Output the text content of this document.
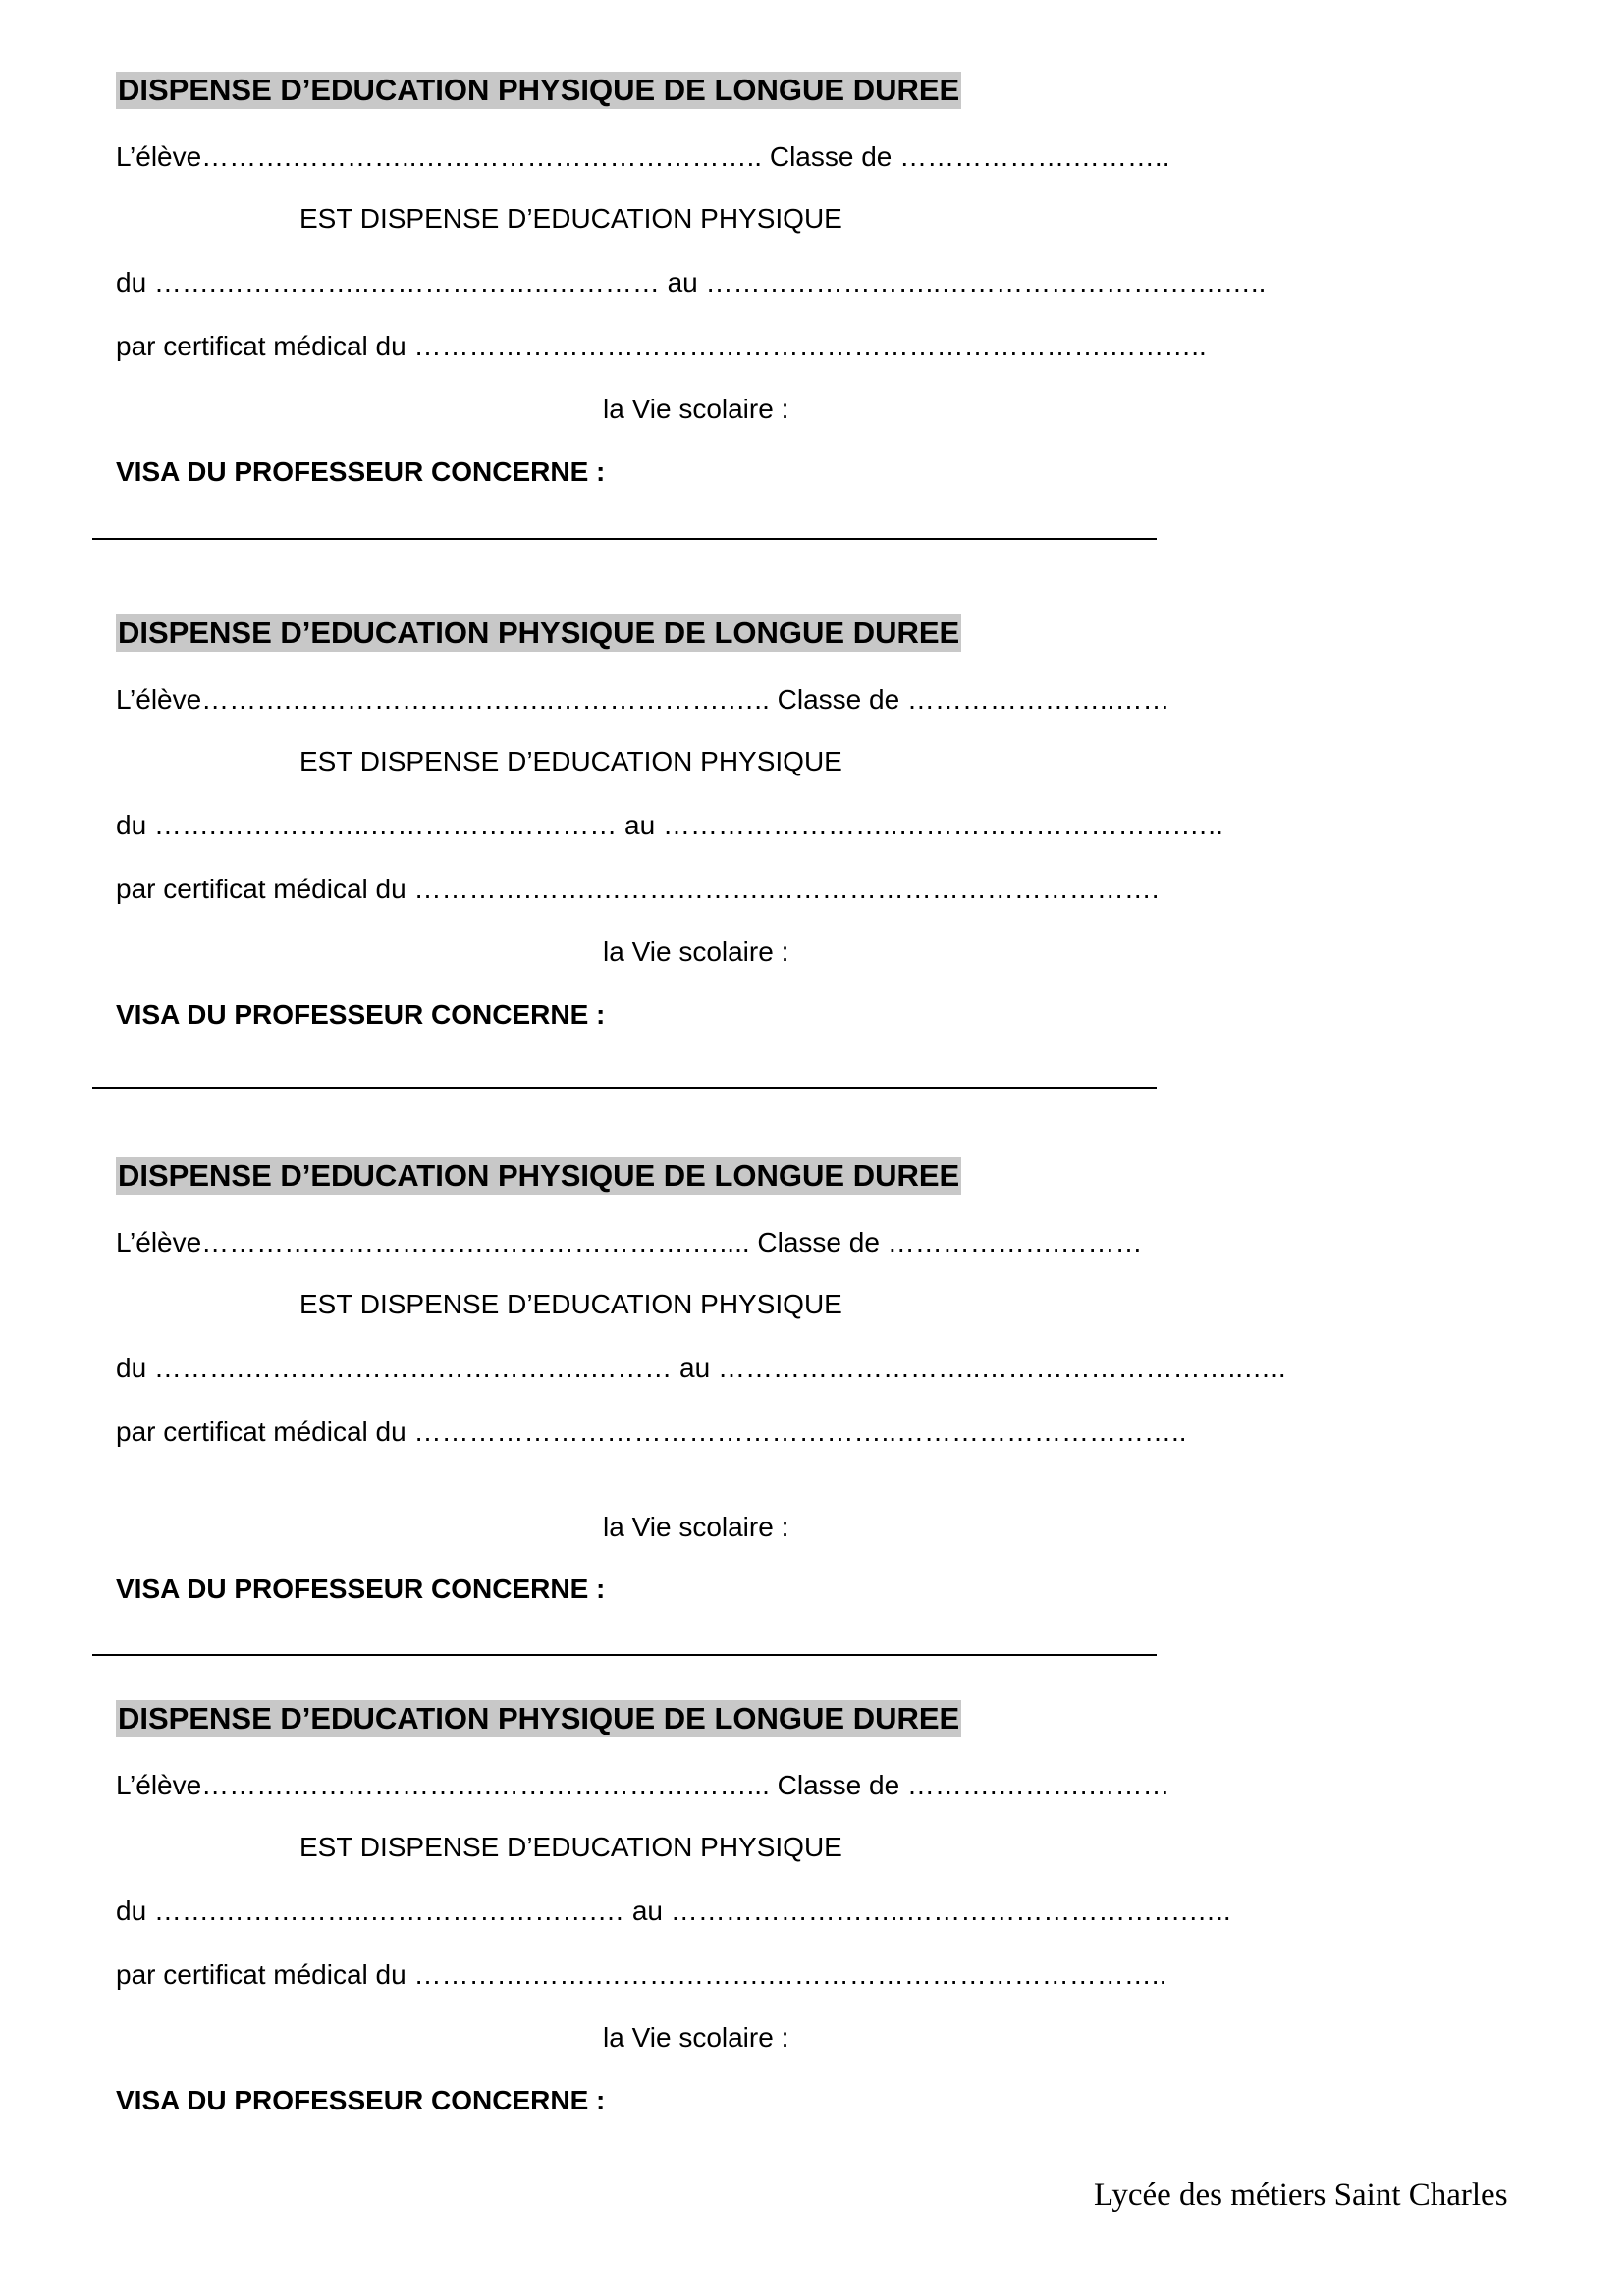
DISPENSE D’EDUCATION PHYSIQUE DE LONGUE DUREE
L’élève……….…………..……………………………….. Classe de ……………….………..
EST DISPENSE D’EDUCATION PHYSIQUE
du …….……………..………………..………… au ……………………..………………………….…..
par certificat médical du ………………………………………………………………….………..
la Vie scolaire :
VISA DU PROFESSEUR CONCERNE :
DISPENSE D’EDUCATION PHYSIQUE DE LONGUE DUREE
L’élève……….………………………..……………….….. Classe de …………………..……
EST DISPENSE D’EDUCATION PHYSIQUE
du …….……………..……………………… au ……………………..………………………….…..
par certificat médical du ………….…….……………….…………………………………….
la Vie scolaire :
VISA DU PROFESSEUR CONCERNE :
DISPENSE D’EDUCATION PHYSIQUE DE LONGUE DUREE
L’élève………….……………….………………….….... Classe de ……………….………
EST DISPENSE D’EDUCATION PHYSIQUE
du ……….………………………………..……… au ………………………..………………………..…..
par certificat médical du ……………………………………………..…………………………..
la Vie scolaire :
VISA DU PROFESSEUR CONCERNE :
DISPENSE D’EDUCATION PHYSIQUE DE LONGUE DUREE
L’élève……….………………….………………….……... Classe de ……….……….………
EST DISPENSE D’EDUCATION PHYSIQUE
du …….……………..…………………….… au ……………………..………………………….…..
par certificat médical du ………….…….……………….……………………………………..
la Vie scolaire :
VISA DU PROFESSEUR CONCERNE :
Lycée des métiers Saint Charles
